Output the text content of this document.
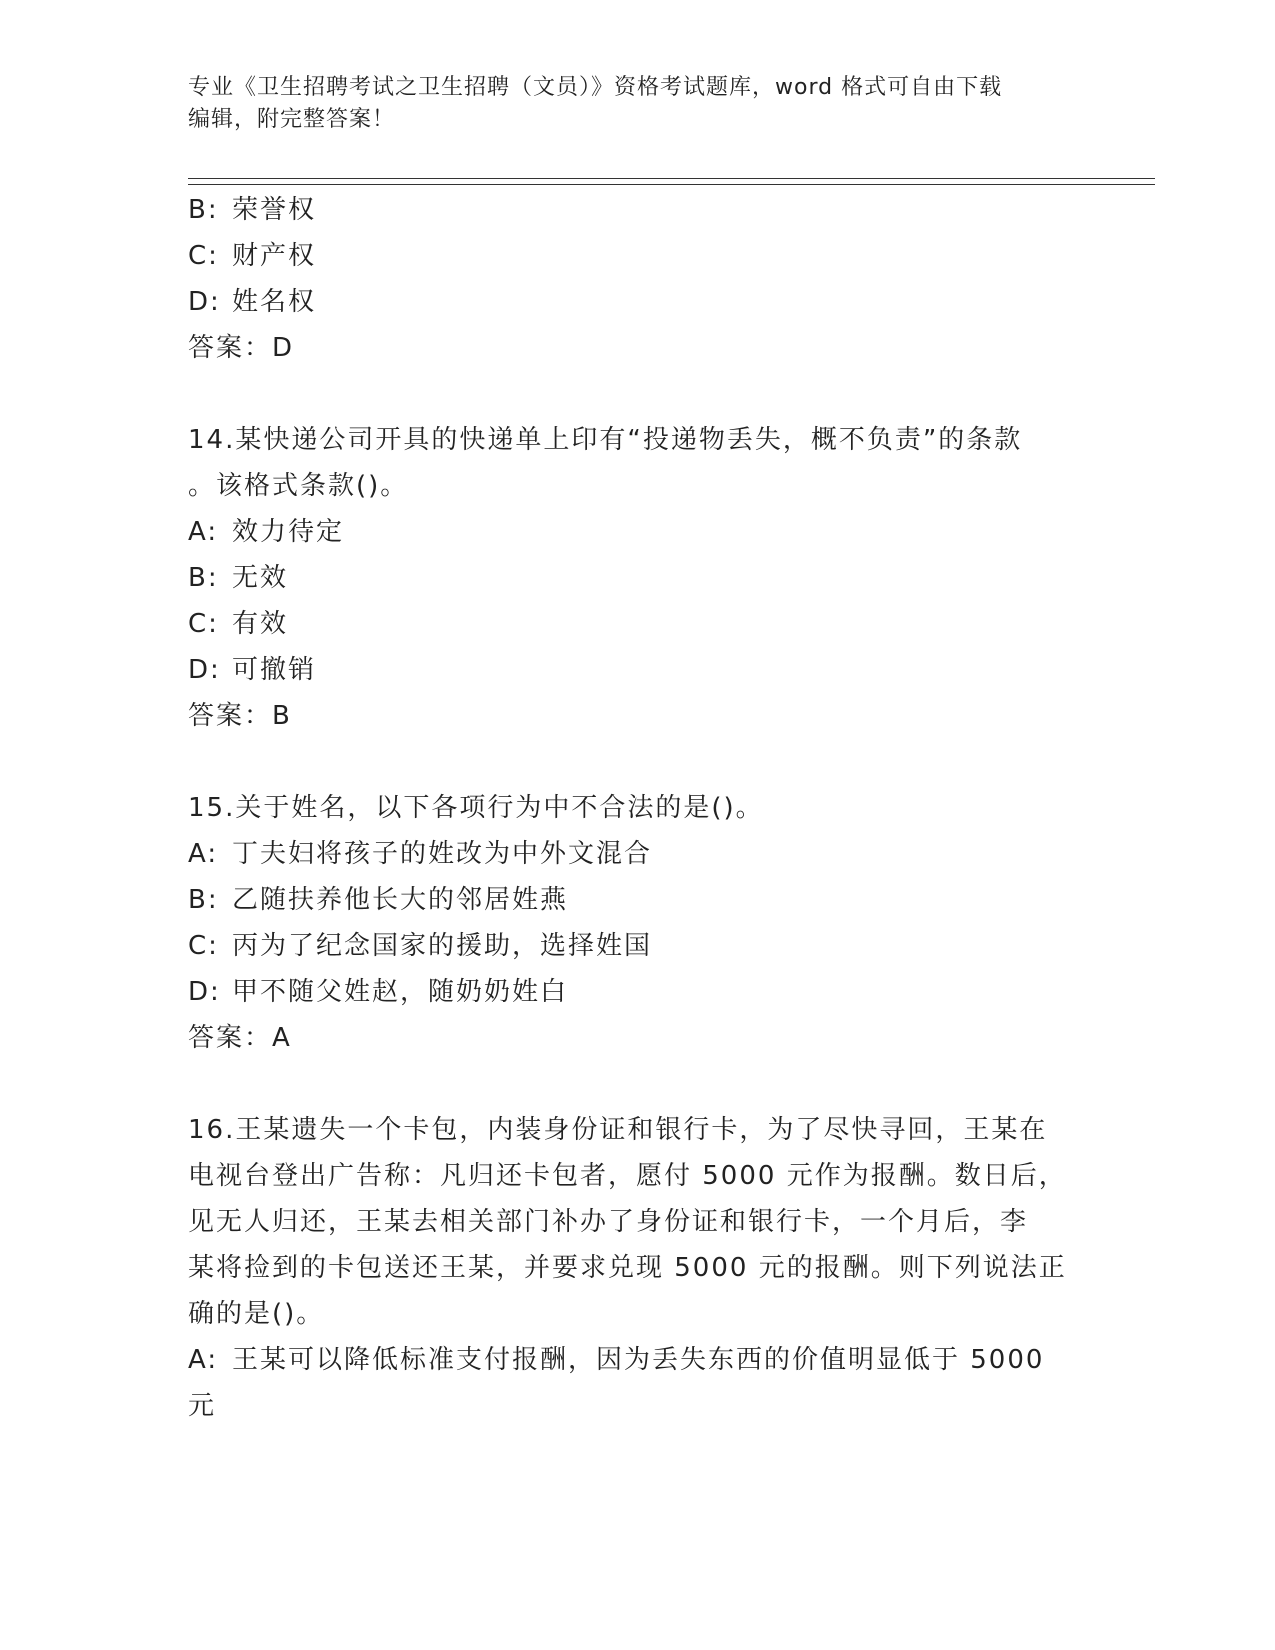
专业《卫生招聘考试之卫生招聘（文员）》资格考试题库，word 格式可自由下载
编辑，附完整答案！
B: 荣誉权
C: 财产权
D: 姓名权
答案：D
14.某快递公司开具的快递单上印有“投递物丢失，概不负责”的条款
。该格式条款()。
A: 效力待定
B: 无效
C: 有效
D: 可撤销
答案：B
15.关于姓名，以下各项行为中不合法的是()。
A: 丁夫妇将孩子的姓改为中外文混合
B: 乙随扶养他长大的邻居姓燕
C: 丙为了纪念国家的援助，选择姓国
D: 甲不随父姓赵，随奶奶姓白
答案：A
16.王某遗失一个卡包，内装身份证和银行卡，为了尽快寻回，王某在
电视台登出广告称：凡归还卡包者，愿付 5000 元作为报酬。数日后，
见无人归还，王某去相关部门补办了身份证和银行卡，一个月后，李
某将捡到的卡包送还王某，并要求兑现 5000 元的报酬。则下列说法正
确的是()。
A: 王某可以降低标准支付报酬，因为丢失东西的价值明显低于 5000
元
